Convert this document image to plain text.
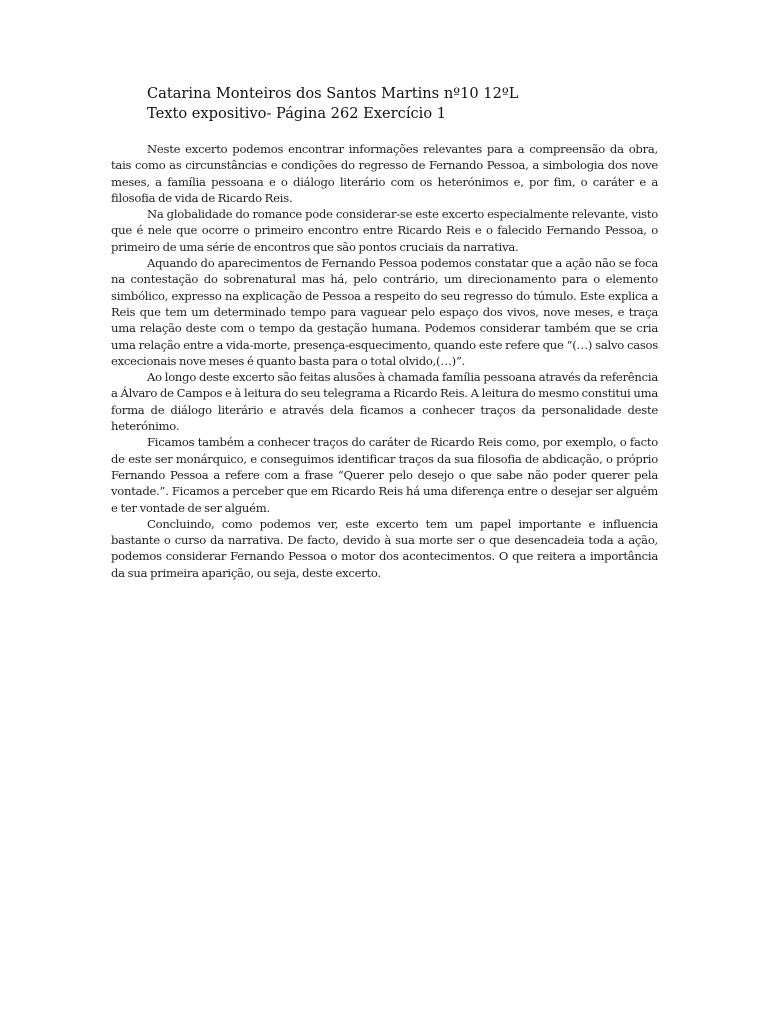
Catarina Monteiros dos Santos Martins nº10 12ºL
Texto expositivo- Página 262 Exercício 1

Neste excerto podemos encontrar informações relevantes para a compreensão da obra, tais como as circunstâncias e condições do regresso de Fernando Pessoa, a simbologia dos nove meses, a família pessoana e o diálogo literário com os heterónimos e, por fim, o caráter e a filosofia de vida de Ricardo Reis.

Na globalidade do romance pode considerar-se este excerto especialmente relevante, visto que é nele que ocorre o primeiro encontro entre Ricardo Reis e o falecido Fernando Pessoa, o primeiro de uma série de encontros que são pontos cruciais da narrativa.

Aquando do aparecimentos de Fernando Pessoa podemos constatar que a ação não se foca na contestação do sobrenatural mas há, pelo contrário, um direcionamento para o elemento simbólico, expresso na explicação de Pessoa a respeito do seu regresso do túmulo. Este explica a Reis que tem um determinado tempo para vaguear pelo espaço dos vivos, nove meses, e traça uma relação deste com o tempo da gestação humana. Podemos considerar também que se cria uma relação entre a vida-morte, presença-esquecimento, quando este refere que “(…) salvo casos excecionais nove meses é quanto basta para o total olvido,(…)”.

Ao longo deste excerto são feitas alusões à chamada família pessoana através da referência a Álvaro de Campos e à leitura do seu telegrama a Ricardo Reis. A leitura do mesmo constitui uma forma de diálogo literário e através dela ficamos a conhecer traços da personalidade deste heterónimo.

Ficamos também a conhecer traços do caráter de Ricardo Reis como, por exemplo, o facto de este ser monárquico, e conseguimos identificar traços da sua filosofia de abdicação, o próprio Fernando Pessoa a refere com a frase “Querer pelo desejo o que sabe não poder querer pela vontade.”. Ficamos a perceber que em Ricardo Reis há uma diferença entre o desejar ser alguém e ter vontade de ser alguém.

Concluindo, como podemos ver, este excerto tem um papel importante e influencia bastante o curso da narrativa. De facto, devido à sua morte ser o que desencadeia toda a ação, podemos considerar Fernando Pessoa o motor dos acontecimentos. O que reitera a importância da sua primeira aparição, ou seja, deste excerto.
